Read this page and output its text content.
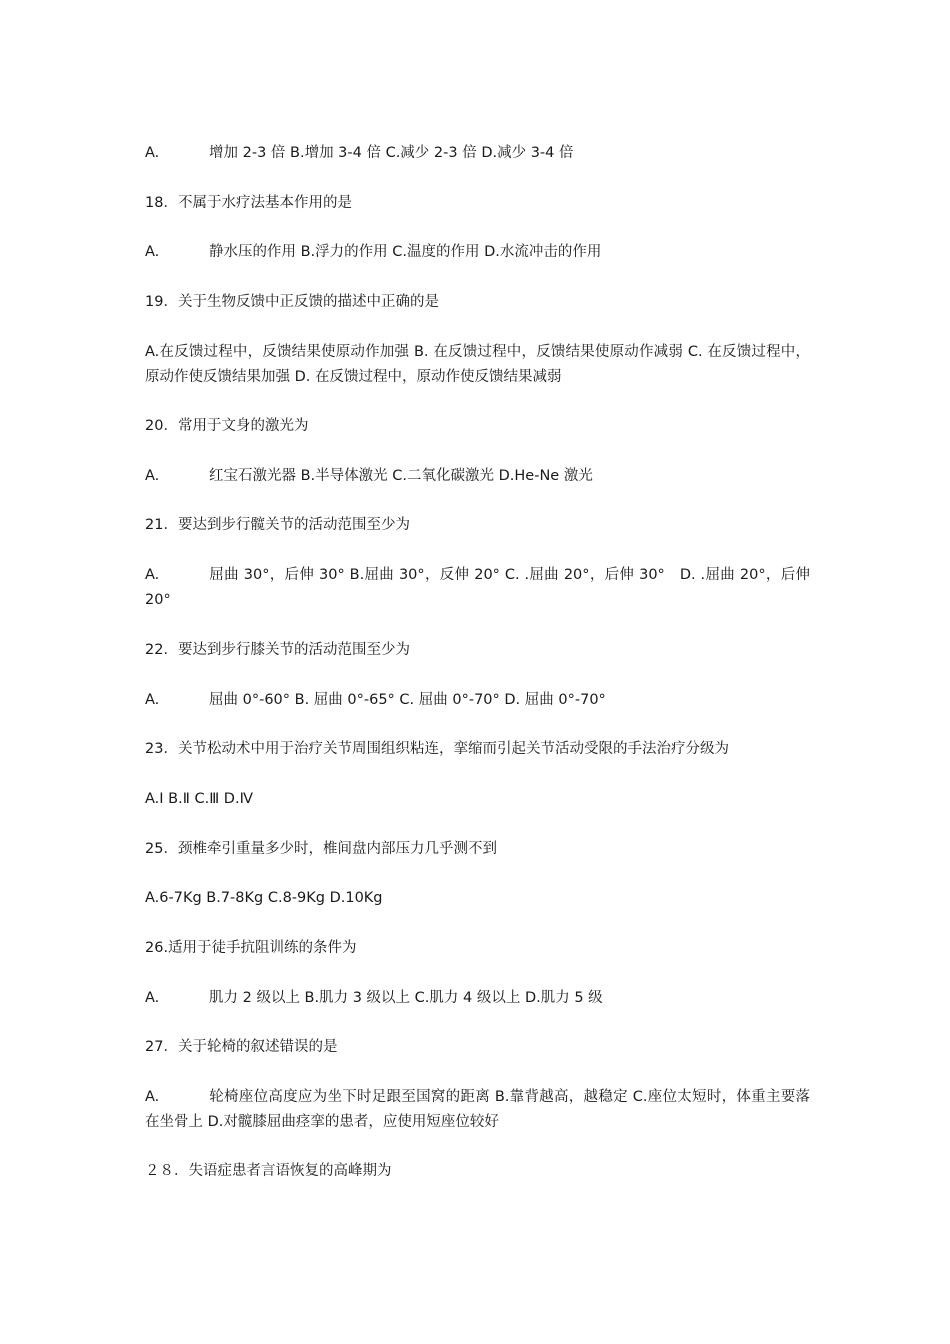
A.	增加 2-3 倍 B.增加 3-4 倍 C.减少 2-3 倍 D.减少 3-4 倍
18．不属于水疗法基本作用的是
A.	静水压的作用 B.浮力的作用 C.温度的作用 D.水流冲击的作用
19．关于生物反馈中正反馈的描述中正确的是
A.在反馈过程中，反馈结果使原动作加强 B. 在反馈过程中，反馈结果使原动作减弱 C. 在反馈过程中，原动作使反馈结果加强 D. 在反馈过程中，原动作使反馈结果减弱
20．常用于文身的激光为
A.	红宝石激光器 B.半导体激光 C.二氧化碳激光 D.He-Ne 激光
21．要达到步行髋关节的活动范围至少为
A.	屈曲 30°，后伸 30° B.屈曲 30°，反伸 20° C. .屈曲 20°，后伸 30°　D. .屈曲 20°，后伸 20°
22．要达到步行膝关节的活动范围至少为
A.	屈曲 0°-60° B. 屈曲 0°-65° C. 屈曲 0°-70° D. 屈曲 0°-70°
23．关节松动术中用于治疗关节周围组织粘连，挛缩而引起关节活动受限的手法治疗分级为
A.Ⅰ B.Ⅱ C.Ⅲ D.Ⅳ
25．颈椎牵引重量多少时，椎间盘内部压力几乎测不到
A.6-7Kg B.7-8Kg C.8-9Kg D.10Kg
26.适用于徒手抗阻训练的条件为
A.	肌力 2 级以上 B.肌力 3 级以上 C.肌力 4 级以上 D.肌力 5 级
27．关于轮椅的叙述错误的是
A.	轮椅座位高度应为坐下时足跟至国窝的距离 B.靠背越高，越稳定 C.座位太短时，体重主要落在坐骨上 D.对髋膝屈曲痉挛的患者，应使用短座位较好
２８．失语症患者言语恢复的高峰期为
